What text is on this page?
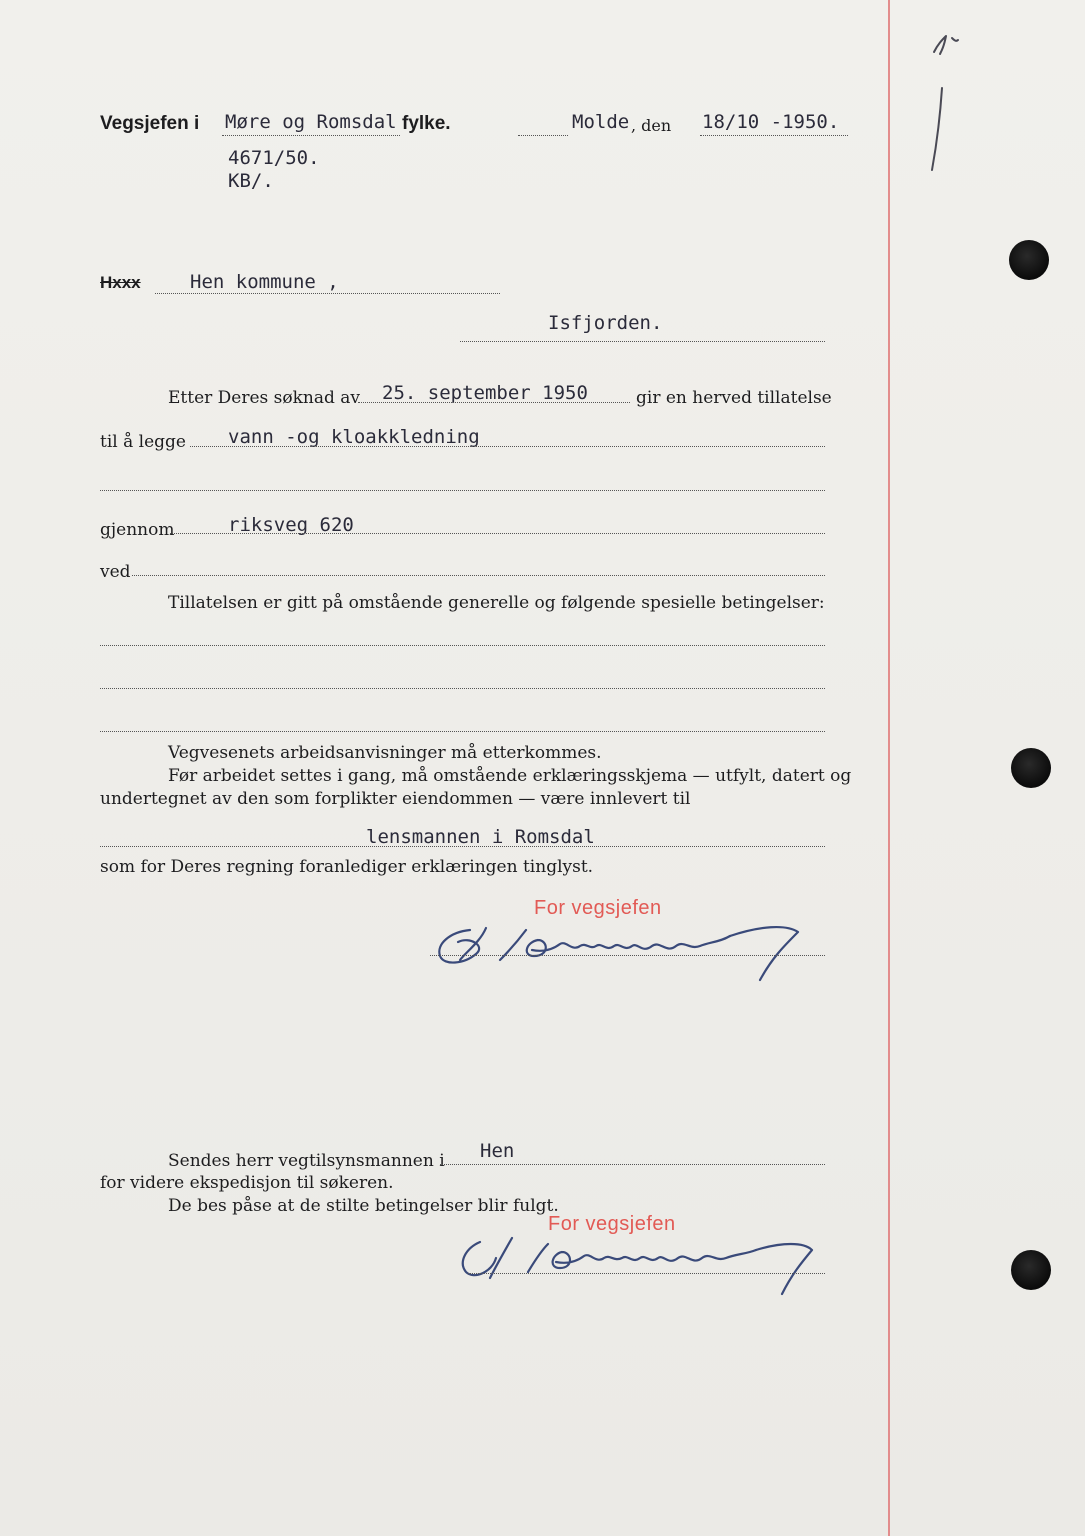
Vegsjefen i Møre og Romsdal fylke.	Molde , den 18/10 -1950.
4671/50.
KB/.
Hxxx	Hen kommune ,
Isfjorden.
Etter Deres søknad av 25. september 1950	gir en herved tillatelse
til å legge vann -og kloakkledning
gjennom	riksveg 620
ved
Tillatelsen er gitt på omstående generelle og følgende spesielle betingelser:
Vegvesenets arbeidsanvisninger må etterkommes.
Før arbeidet settes i gang, må omstående erklæringsskjema — utfylt, datert og
undertegnet av den som forplikter eiendommen — være innlevert til
lensmannen i Romsdal
som for Deres regning foranlediger erklæringen tinglyst.
For vegsjefen
Sendes herr vegtilsynsmannen i Hen
for videre ekspedisjon til søkeren.
De bes påse at de stilte betingelser blir fulgt.
For vegsjefen
